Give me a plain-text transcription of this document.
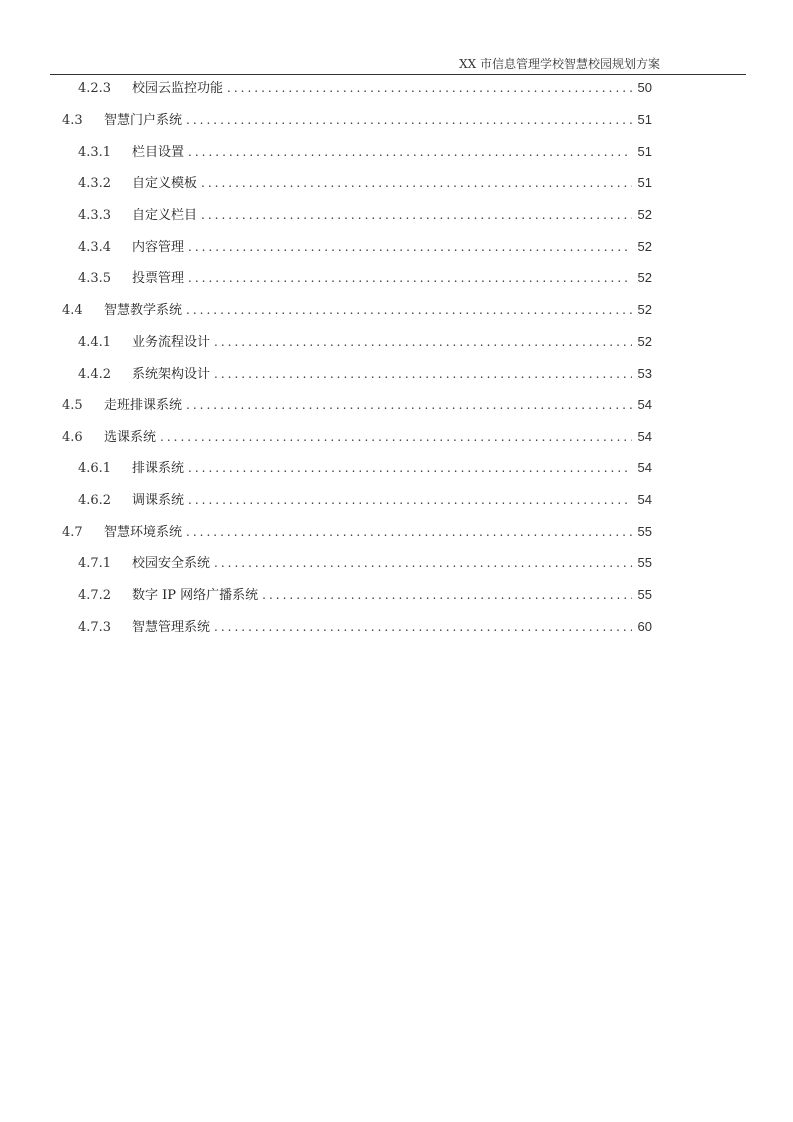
XX 市信息管理学校智慧校园规划方案
4.2.3	校园云监控功能 .....	50
4.3	智慧门户系统 .....	51
4.3.1	栏目设置 .....	51
4.3.2	自定义模板 .....	51
4.3.3	自定义栏目 .....	52
4.3.4	内容管理 .....	52
4.3.5	投票管理 .....	52
4.4	智慧教学系统 .....	52
4.4.1	业务流程设计 .....	52
4.4.2	系统架构设计 .....	53
4.5	走班排课系统 .....	54
4.6	选课系统 .....	54
4.6.1	排课系统 .....	54
4.6.2	调课系统 .....	54
4.7	智慧环境系统 .....	55
4.7.1	校园安全系统 .....	55
4.7.2	数字 IP 网络广播系统 .....	55
4.7.3	智慧管理系统 .....	60
